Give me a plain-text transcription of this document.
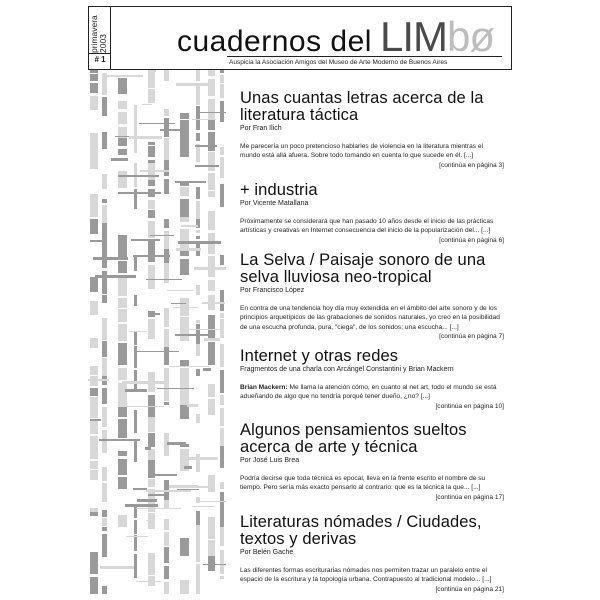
primavera
2003
# 1
cuadernos del LIMbø
Auspicia la Asociación Amigos del Museo de Arte Moderno de Buenos Aires
Unas cuantas letras acerca de la literatura táctica
Por Fran Ilich
Me parecería un poco pretencioso hablarles de violencia en la literatura mientras el mundo está allá afuera. Sobre todo tomando en cuenta lo que sucede en él. [...]
[continúa en página 3]
+ industria
Por Vicente Matallana
Próximamente se considerará que han pasado 10 años desde el inicio de las prácticas artísticas y creativas en Internet consecuencia del inicio de la popularización del... [...]
[continúa en página 6]
La Selva / Paisaje sonoro de una selva lluviosa neo-tropical
Por Francisco López
En contra de una tendencia hoy día muy extendida en el ámbito del arte sonoro y de los principios arquetípicos de las grabaciones de sonidos naturales, yo creo en la posibilidad de una escucha profunda, pura, "ciega", de los sonidos; una escucha... [...]
[continúa en página 7]
Internet y otras redes
Fragmentos de una charla con Arcángel Constantini y Brian Mackern
Brian Mackern: Me llama la atención cómo, en cuanto al net art, todo el mundo se está adueñando de algo que no tendría porqué tener dueño, ¿no? [...]
[continúa en página 10]
Algunos pensamientos sueltos acerca de arte y técnica
Por José Luis Brea
Podría decirse que toda técnica es epocal, lleva en la frente escrito el nombre de su tiempo. Pero sería más exacto pensarlo al contrario: que es la técnica la que... [...]
[continúa en página 17]
Literaturas nómades / Ciudades, textos y derivas
Por Belén Gache
Las diferentes formas escriturarias nómades nos permiten trazar un paralelo entre el espacio de la escritura y la topología urbana. Contrapuesto al tradicional modelo... [...]
[continúa en página 21]
